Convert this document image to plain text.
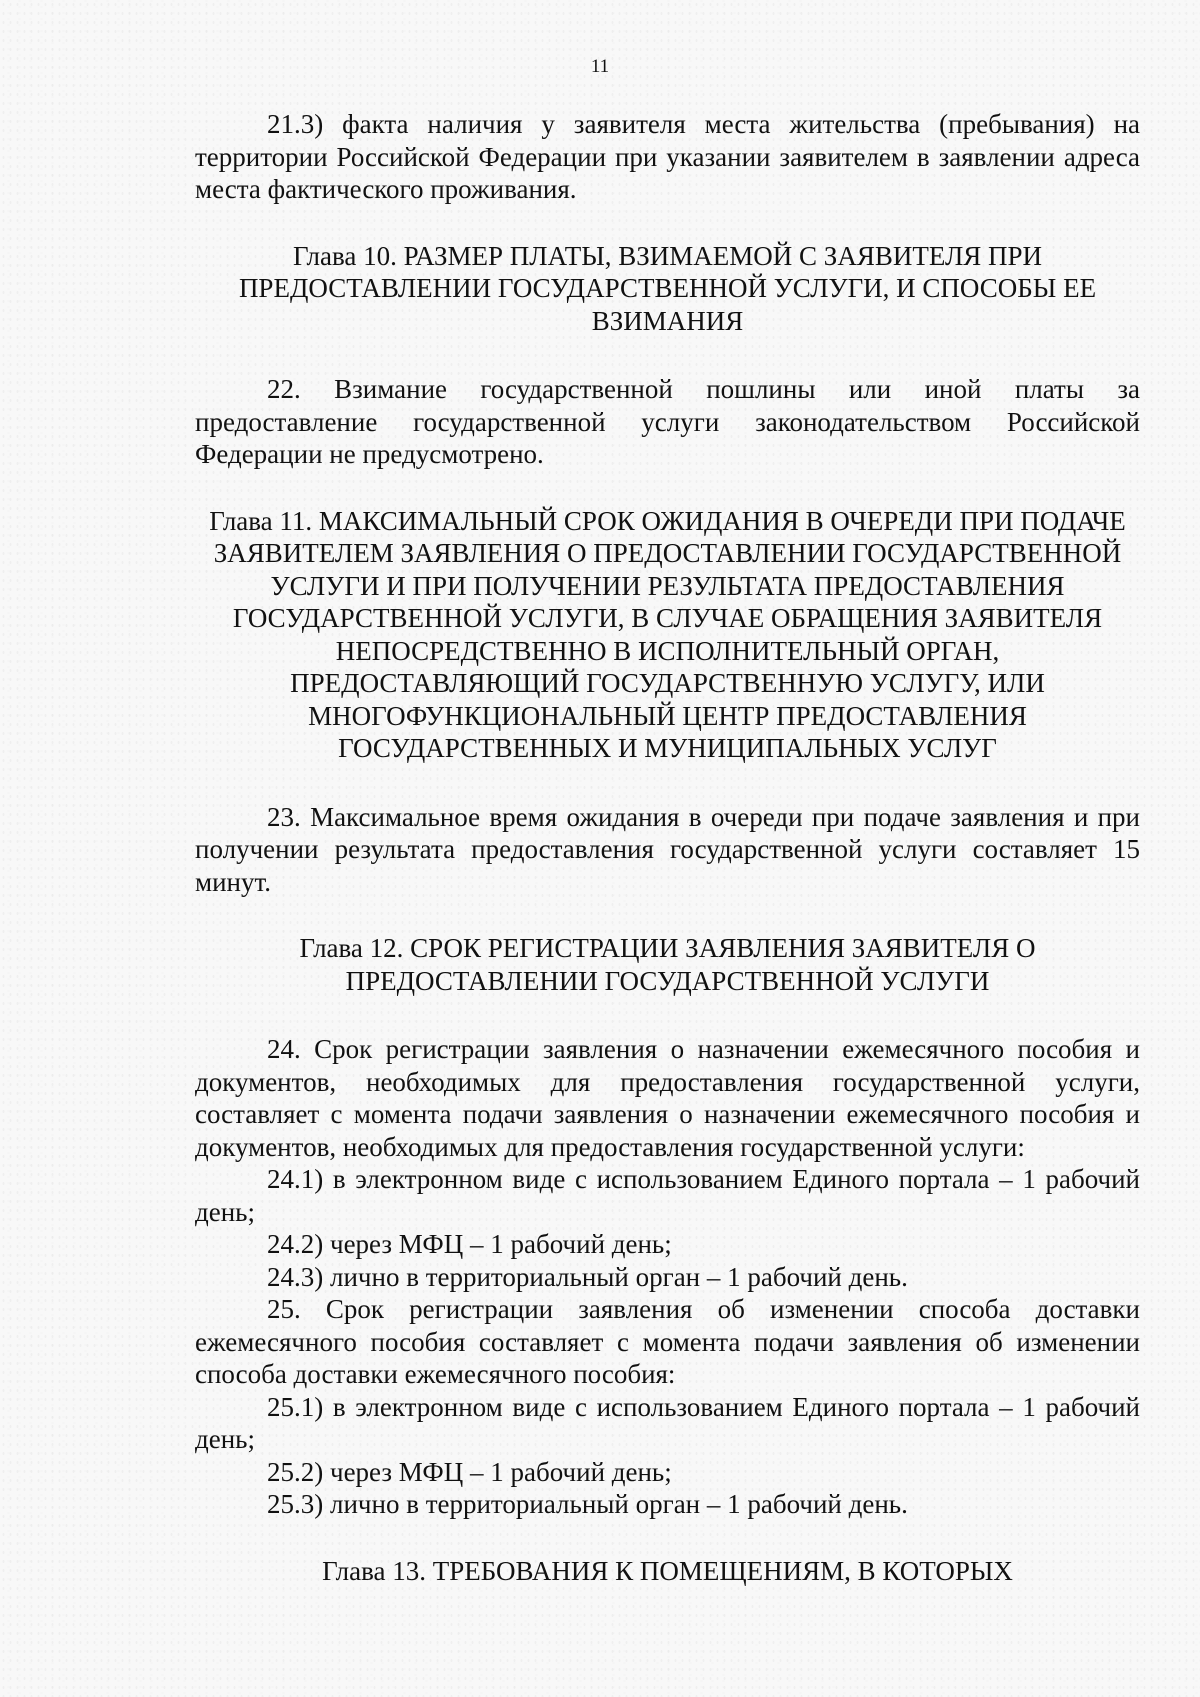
11

21.3) факта наличия у заявителя места жительства (пребывания) на территории Российской Федерации при указании заявителем в заявлении адреса места фактического проживания.

Глава 10. РАЗМЕР ПЛАТЫ, ВЗИМАЕМОЙ С ЗАЯВИТЕЛЯ ПРИ ПРЕДОСТАВЛЕНИИ ГОСУДАРСТВЕННОЙ УСЛУГИ, И СПОСОБЫ ЕЕ ВЗИМАНИЯ

22. Взимание государственной пошлины или иной платы за предоставление государственной услуги законодательством Российской Федерации не предусмотрено.

Глава 11. МАКСИМАЛЬНЫЙ СРОК ОЖИДАНИЯ В ОЧЕРЕДИ ПРИ ПОДАЧЕ ЗАЯВИТЕЛЕМ ЗАЯВЛЕНИЯ О ПРЕДОСТАВЛЕНИИ ГОСУДАРСТВЕННОЙ УСЛУГИ И ПРИ ПОЛУЧЕНИИ РЕЗУЛЬТАТА ПРЕДОСТАВЛЕНИЯ ГОСУДАРСТВЕННОЙ УСЛУГИ, В СЛУЧАЕ ОБРАЩЕНИЯ ЗАЯВИТЕЛЯ НЕПОСРЕДСТВЕННО В ИСПОЛНИТЕЛЬНЫЙ ОРГАН, ПРЕДОСТАВЛЯЮЩИЙ ГОСУДАРСТВЕННУЮ УСЛУГУ, ИЛИ МНОГОФУНКЦИОНАЛЬНЫЙ ЦЕНТР ПРЕДОСТАВЛЕНИЯ ГОСУДАРСТВЕННЫХ И МУНИЦИПАЛЬНЫХ УСЛУГ

23. Максимальное время ожидания в очереди при подаче заявления и при получении результата предоставления государственной услуги составляет 15 минут.

Глава 12. СРОК РЕГИСТРАЦИИ ЗАЯВЛЕНИЯ ЗАЯВИТЕЛЯ О ПРЕДОСТАВЛЕНИИ ГОСУДАРСТВЕННОЙ УСЛУГИ

24. Срок регистрации заявления о назначении ежемесячного пособия и документов, необходимых для предоставления государственной услуги, составляет с момента подачи заявления о назначении ежемесячного пособия и документов, необходимых для предоставления государственной услуги:

24.1) в электронном виде с использованием Единого портала – 1 рабочий день;

24.2) через МФЦ – 1 рабочий день;

24.3) лично в территориальный орган – 1 рабочий день.

25. Срок регистрации заявления об изменении способа доставки ежемесячного пособия составляет с момента подачи заявления об изменении способа доставки ежемесячного пособия:

25.1) в электронном виде с использованием Единого портала – 1 рабочий день;

25.2) через МФЦ – 1 рабочий день;

25.3) лично в территориальный орган – 1 рабочий день.

Глава 13. ТРЕБОВАНИЯ К ПОМЕЩЕНИЯМ, В КОТОРЫХ
